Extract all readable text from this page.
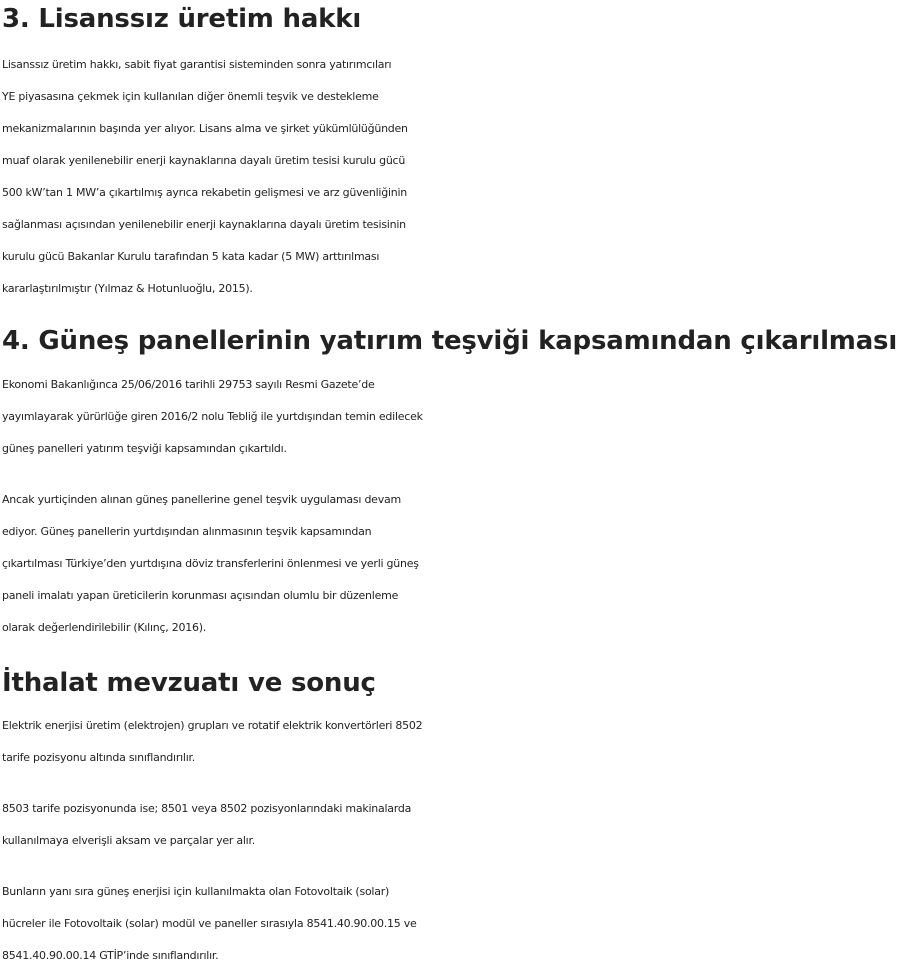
3. Lisanssız üretim hakkı

Lisanssız üretim hakkı, sabit fiyat garantisi sisteminden sonra yatırımcıları
YE piyasasına çekmek için kullanılan diğer önemli teşvik ve destekleme
mekanizmalarının başında yer alıyor. Lisans alma ve şirket yükümlülüğünden
muaf olarak yenilenebilir enerji kaynaklarına dayalı üretim tesisi kurulu gücü
500 kW’tan 1 MW’a çıkartılmış ayrıca rekabetin gelişmesi ve arz güvenliğinin
sağlanması açısından yenilenebilir enerji kaynaklarına dayalı üretim tesisinin
kurulu gücü Bakanlar Kurulu tarafından 5 kata kadar (5 MW) arttırılması
kararlaştırılmıştır (Yılmaz & Hotunluoğlu, 2015).

4. Güneş panellerinin yatırım teşviği kapsamından çıkarılması

Ekonomi Bakanlığınca 25/06/2016 tarihli 29753 sayılı Resmi Gazete’de
yayımlayarak yürürlüğe giren 2016/2 nolu Tebliğ ile yurtdışından temin edilecek
güneş panelleri yatırım teşviği kapsamından çıkartıldı.

Ancak yurtiçinden alınan güneş panellerine genel teşvik uygulaması devam
ediyor. Güneş panellerin yurtdışından alınmasının teşvik kapsamından
çıkartılması Türkiye’den yurtdışına döviz transferlerini önlenmesi ve yerli güneş
paneli imalatı yapan üreticilerin korunması açısından olumlu bir düzenleme
olarak değerlendirilebilir (Kılınç, 2016).

İthalat mevzuatı ve sonuç

Elektrik enerjisi üretim (elektrojen) grupları ve rotatif elektrik konvertörleri 8502
tarife pozisyonu altında sınıflandırılır.

8503 tarife pozisyonunda ise; 8501 veya 8502 pozisyonlarındaki makinalarda
kullanılmaya elverişli aksam ve parçalar yer alır.

Bunların yanı sıra güneş enerjisi için kullanılmakta olan Fotovoltaik (solar)
hücreler ile Fotovoltaik (solar) modül ve paneller sırasıyla 8541.40.90.00.15 ve
8541.40.90.00.14 GTİP’inde sınıflandırılır.
